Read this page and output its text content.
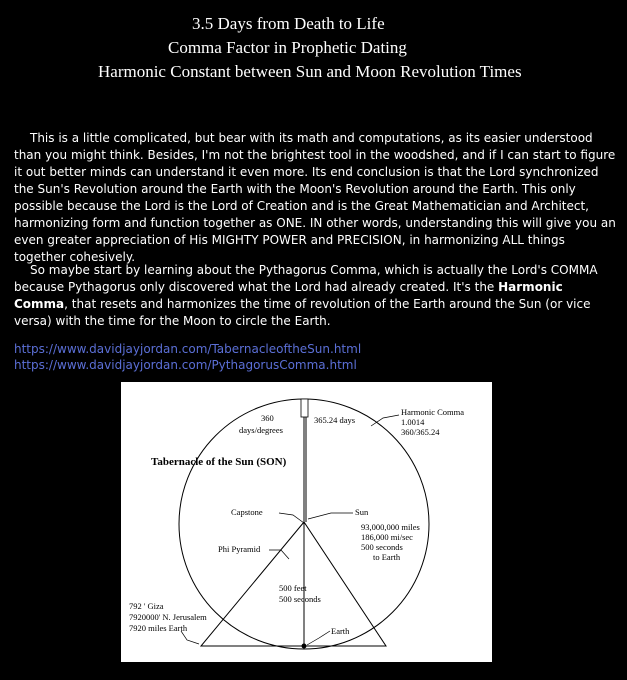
3.5 Days from Death to Life
Comma Factor in Prophetic Dating
Harmonic Constant between Sun and Moon Revolution Times

This is a little complicated, but bear with its math and computations, as its easier understood than you might think. Besides, I'm not the brightest tool in the woodshed, and if I can start to figure it out better minds can understand it even more. Its end conclusion is that the Lord synchronized the Sun's Revolution around the Earth with the Moon's Revolution around the Earth. This only possible because the Lord is the Lord of Creation and is the Great Mathematician and Architect, harmonizing form and function together as ONE. IN other words, understanding this will give you an even greater appreciation of His MIGHTY POWER and PRECISION, in harmonizing ALL things together cohesively.

So maybe start by learning about the Pythagorus Comma, which is actually the Lord's COMMA because Pythagorus only discovered what the Lord had already created. It's the Harmonic Comma, that resets and harmonizes the time of revolution of the Earth around the Sun (or vice versa) with the time for the Moon to circle the Earth.

https://www.davidjayjordan.com/TabernacleoftheSun.html
https://www.davidjayjordan.com/PythagorusComma.html
360
days/degrees
365.24 days
Harmonic Comma
1.0014
360/365.24
Tabernacle of the Sun (SON)
Capstone	Sun
93,000,000 miles
186,000 mi/sec
500 seconds
to Earth
Phi Pyramid
500 feet
500 seconds
792 ' Giza
7920000' N. Jerusalem
7920 miles Earth	Earth
